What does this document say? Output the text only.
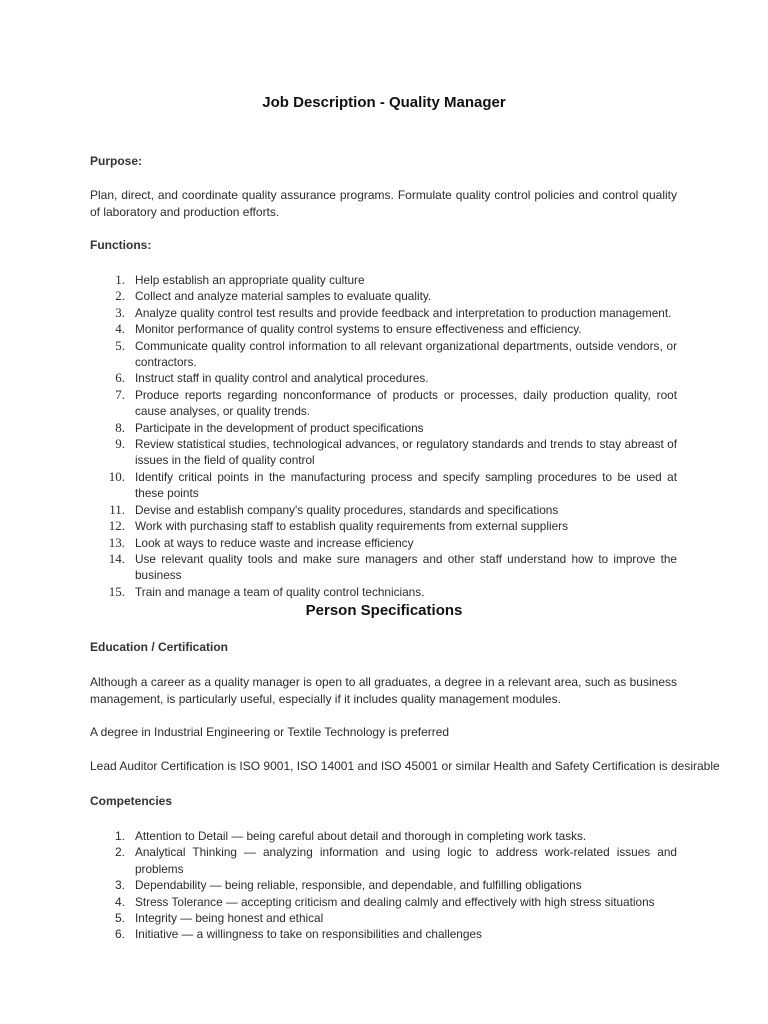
Job Description - Quality Manager
Purpose:
Plan, direct, and coordinate quality assurance programs. Formulate quality control policies and control quality of laboratory and production efforts.
Functions:
1. Help establish an appropriate quality culture
2. Collect and analyze material samples to evaluate quality.
3. Analyze quality control test results and provide feedback and interpretation to production management.
4. Monitor performance of quality control systems to ensure effectiveness and efficiency.
5. Communicate quality control information to all relevant organizational departments, outside vendors, or contractors.
6. Instruct staff in quality control and analytical procedures.
7. Produce reports regarding nonconformance of products or processes, daily production quality, root cause analyses, or quality trends.
8. Participate in the development of product specifications
9. Review statistical studies, technological advances, or regulatory standards and trends to stay abreast of issues in the field of quality control
10. Identify critical points in the manufacturing process and specify sampling procedures to be used at these points
11. Devise and establish company's quality procedures, standards and specifications
12. Work with purchasing staff to establish quality requirements from external suppliers
13. Look at ways to reduce waste and increase efficiency
14. Use relevant quality tools and make sure managers and other staff understand how to improve the business
15. Train and manage a team of quality control technicians.
Person Specifications
Education / Certification
Although a career as a quality manager is open to all graduates, a degree in a relevant area, such as business management, is particularly useful, especially if it includes quality management modules.
A degree in Industrial Engineering or Textile Technology is preferred
Lead Auditor Certification is ISO 9001, ISO 14001 and ISO 45001 or similar Health and Safety Certification is desirable
Competencies
1. Attention to Detail — being careful about detail and thorough in completing work tasks.
2. Analytical Thinking — analyzing information and using logic to address work-related issues and problems
3. Dependability — being reliable, responsible, and dependable, and fulfilling obligations
4. Stress Tolerance — accepting criticism and dealing calmly and effectively with high stress situations
5. Integrity — being honest and ethical
6. Initiative — a willingness to take on responsibilities and challenges
